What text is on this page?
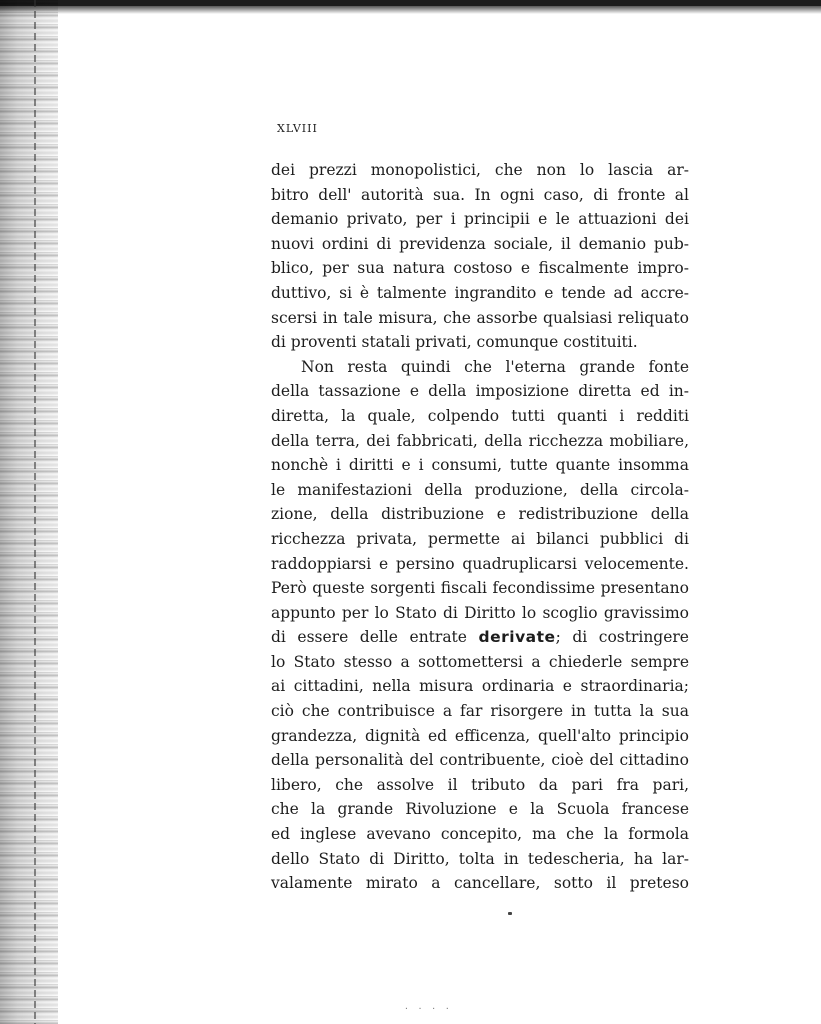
XLVIII
dei prezzi monopolistici, che non lo lascia ar-
bitro dell' autorità sua. In ogni caso, di fronte al
demanio privato, per i principii e le attuazioni dei
nuovi ordini di previdenza sociale, il demanio pub-
blico, per sua natura costoso e fiscalmente impro-
duttivo, si è talmente ingrandito e tende ad accre-
scersi in tale misura, che assorbe qualsiasi reliquato
di proventi statali privati, comunque costituiti.
Non resta quindi che l'eterna grande fonte
della tassazione e della imposizione diretta ed in-
diretta, la quale, colpendo tutti quanti i redditi
della terra, dei fabbricati, della ricchezza mobiliare,
nonchè i diritti e i consumi, tutte quante insomma
le manifestazioni della produzione, della circola-
zione, della distribuzione e redistribuzione della
ricchezza privata, permette ai bilanci pubblici di
raddoppiarsi e persino quadruplicarsi velocemente.
Però queste sorgenti fiscali fecondissime presentano
appunto per lo Stato di Diritto lo scoglio gravissimo
di essere delle entrate derivate; di costringere
lo Stato stesso a sottomettersi a chiederle sempre
ai cittadini, nella misura ordinaria e straordinaria;
ciò che contribuisce a far risorgere in tutta la sua
grandezza, dignità ed efficenza, quell'alto principio
della personalità del contribuente, cioè del cittadino
libero, che assolve il tributo da pari fra pari,
che la grande Rivoluzione e la Scuola francese
ed inglese avevano concepito, ma che la formola
dello Stato di Diritto, tolta in tedescheria, ha lar-
valamente mirato a cancellare, sotto il preteso
. . . .
